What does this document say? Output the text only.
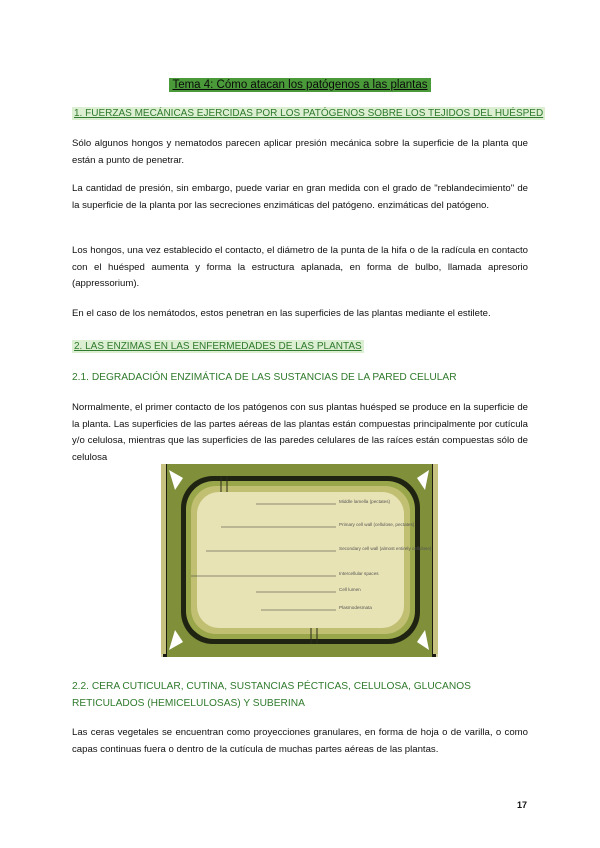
Tema 4: Cómo atacan los patógenos a las plantas
1. FUERZAS MECÁNICAS EJERCIDAS POR LOS PATÓGENOS SOBRE LOS TEJIDOS DEL HUÉSPED
Sólo algunos hongos y nematodos parecen aplicar presión mecánica sobre la superficie de la planta que están a punto de penetrar.
La cantidad de presión, sin embargo, puede variar en gran medida con el grado de "reblandecimiento" de la superficie de la planta por las secreciones enzimáticas del patógeno. enzimáticas del patógeno.
Los hongos, una vez establecido el contacto, el diámetro de la punta de la hifa o de la radícula en contacto con el huésped aumenta y forma la estructura aplanada, en forma de bulbo, llamada apresorio (appressorium).
En el caso de los nemátodos, estos penetran en las superficies de las plantas mediante el estilete.
2. LAS ENZIMAS EN LAS ENFERMEDADES DE LAS PLANTAS
2.1. DEGRADACIÓN ENZIMÁTICA DE LAS SUSTANCIAS DE LA PARED CELULAR
Normalmente, el primer contacto de los patógenos con sus plantas huésped se produce en la superficie de la planta. Las superficies de las partes aéreas de las plantas están compuestas principalmente por cutícula y/o celulosa, mientras que las superficies de las paredes celulares de las raíces están compuestas sólo de celulosa
Middle lamella (pectates)
Primary cell wall (cellulose, pectates)
Secondary cell wall (almost entirely cellulose)
Intercellular spaces
Cell lumen
Plasmodesmata
2.2. CERA CUTICULAR, CUTINA, SUSTANCIAS PÉCTICAS, CELULOSA, GLUCANOS RETICULADOS (HEMICELULOSAS) Y SUBERINA
Las ceras vegetales se encuentran como proyecciones granulares, en forma de hoja o de varilla, o como capas continuas fuera o dentro de la cutícula de muchas partes aéreas de las plantas.
17
